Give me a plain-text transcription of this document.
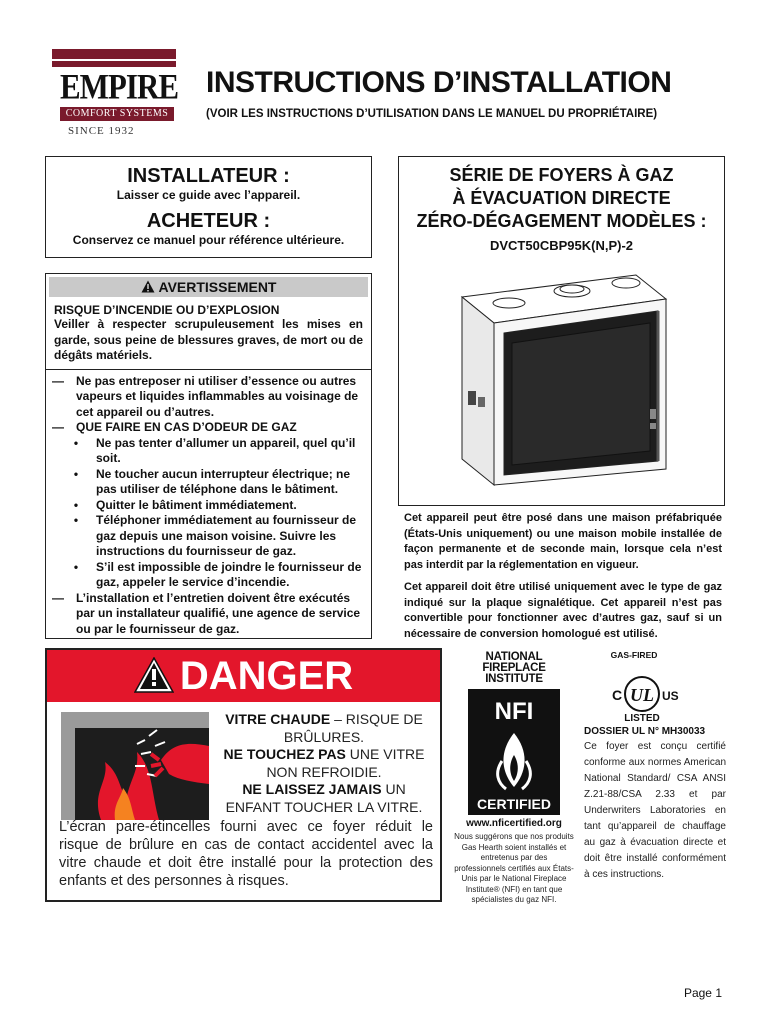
EMPIRE
COMFORT SYSTEMS
SINCE 1932
INSTRUCTIONS D’INSTALLATION
(VOIR LES INSTRUCTIONS D’UTILISATION DANS LE MANUEL DU PROPRIÉTAIRE)
INSTALLATEUR :
Laisser ce guide avec l’appareil.
ACHETEUR :
Conservez ce manuel pour référence ultérieure.
SÉRIE DE FOYERS À GAZ
À ÉVACUATION DIRECTE
ZÉRO-DÉGAGEMENT MODÈLES :
DVCT50CBP95K(N,P)-2
AVERTISSEMENT
RISQUE D’INCENDIE OU D’EXPLOSION
Veiller à respecter scrupuleusement les mises en garde, sous peine de blessures graves, de mort ou de dégâts matériels.
—	Ne pas entreposer ni utiliser d’essence ou autres vapeurs et liquides inflammables au voisinage de cet appareil ou d’autres.
—	QUE FAIRE EN CAS D’ODEUR DE GAZ
•	Ne pas tenter d’allumer un appareil, quel qu’il soit.
•	Ne toucher aucun interrupteur électrique; ne pas utiliser de téléphone dans le bâtiment.
•	Quitter le bâtiment immédiatement.
•	Téléphoner immédiatement au fournisseur de gaz depuis une maison voisine. Suivre les instructions du fournisseur de gaz.
•	S’il est impossible de joindre le fournisseur de gaz, appeler le service d’incendie.
—	L’installation et l’entretien doivent être exécutés par un installateur qualifié, une agence de service ou par le fournisseur de gaz.

Cet appareil peut être posé dans une maison préfabriquée (États-Unis uniquement) ou une maison mobile installée de façon permanente et de seconde main, lorsque cela n’est pas interdit par la réglementation en vigueur.

Cet appareil doit être utilisé uniquement avec le type de gaz indiqué sur la plaque signalétique. Cet appareil n’est pas convertible pour fonctionner avec d’autres gaz, sauf si un nécessaire de conversion homologué est utilisé.

DANGER
VITRE CHAUDE – RISQUE DE BRÛLURES.
NE TOUCHEZ PAS UNE VITRE NON REFROIDIE.
NE LAISSEZ JAMAIS UN ENFANT TOUCHER LA VITRE.
L’écran pare-étincelles fourni avec ce foyer réduit le risque de brûlure en cas de contact accidentel avec la vitre chaude et doit être installé pour la protection des enfants et des personnes à risques.
NATIONAL
FIREPLACE
INSTITUTE
NFI
CERTIFIED
www.nficertified.org
Nous suggérons que nos produits Gas Hearth soient installés et entretenus par des professionnels certifiés aux États-Unis par le National Fireplace Institute® (NFI) en tant que spécialistes du gaz NFI.
GAS-FIRED
C UL US
LISTED
DOSSIER UL N° MH30033
Ce foyer est conçu certifié conforme aux normes American National Standard/ CSA ANSI Z.21-88/CSA 2.33 et par Underwriters Laboratories en tant qu’appareil de chauffage au gaz à évacuation directe et doit être installé conformément à ces instructions.
Page 1
